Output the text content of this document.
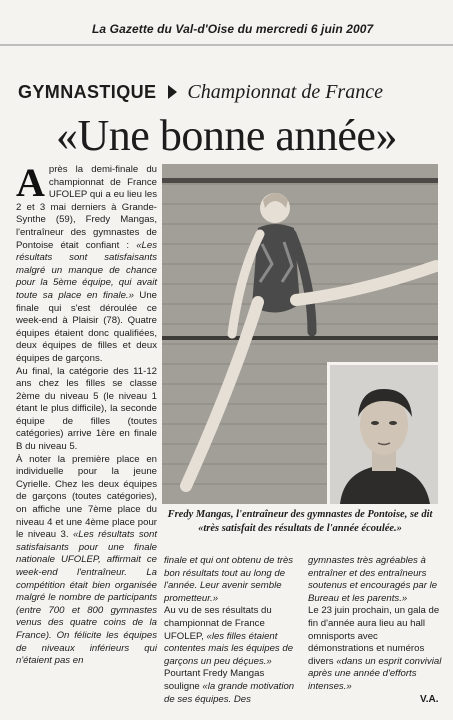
La Gazette du Val-d'Oise du mercredi 6 juin 2007
GYMNASTIQUE Championnat de France
«Une bonne année»

Après la demi-finale du championnat de France UFOLEP qui a eu lieu les 2 et 3 mai derniers à Grande-Synthe (59), Fredy Mangas, l'entraîneur des gymnastes de Pontoise était confiant : «Les résultats sont satisfaisants malgré un manque de chance pour la 5ème équipe, qui avait toute sa place en finale.» Une finale qui s'est déroulée ce week-end à Plaisir (78). Quatre équipes étaient donc qualifiées, deux équipes de filles et deux équipes de garçons.

Au final, la catégorie des 11-12 ans chez les filles se classe 2ème du niveau 5 (le niveau 1 étant le plus difficile), la seconde équipe de filles (toutes catégories) arrive 1ère en finale B du niveau 5.

À noter la première place en individuelle pour la jeune Cyrielle. Chez les deux équipes de garçons (toutes catégories), on affiche une 7ème place du niveau 4 et une 4ème place pour le niveau 3. «Les résultats sont satisfaisants pour une finale nationale UFOLEP, affirmait ce week-end l'entraîneur. La compétition était bien organisée malgré le nombre de participants (entre 700 et 800 gymnastes venus des quatre coins de la France). On félicite les équipes de niveaux inférieurs qui n'étaient pas en

Fredy Mangas, l'entraîneur des gymnastes de Pontoise, se dit «très satisfait des résultats de l'année écoulée.»

finale et qui ont obtenu de très bon résultats tout au long de l'année. Leur avenir semble prometteur.»

Au vu de ses résultats du championnat de France UFOLEP, «les filles étaient contentes mais les équipes de garçons un peu déçues.» Pourtant Fredy Mangas souligne «la grande motivation de ses équipes. Des

gymnastes très agréables à entraîner et des entraîneurs soutenus et encouragés par le Bureau et les parents.»

Le 23 juin prochain, un gala de fin d'année aura lieu au hall omnisports avec démonstrations et numéros divers «dans un esprit convivial après une année d'efforts intenses.»

V.A.
